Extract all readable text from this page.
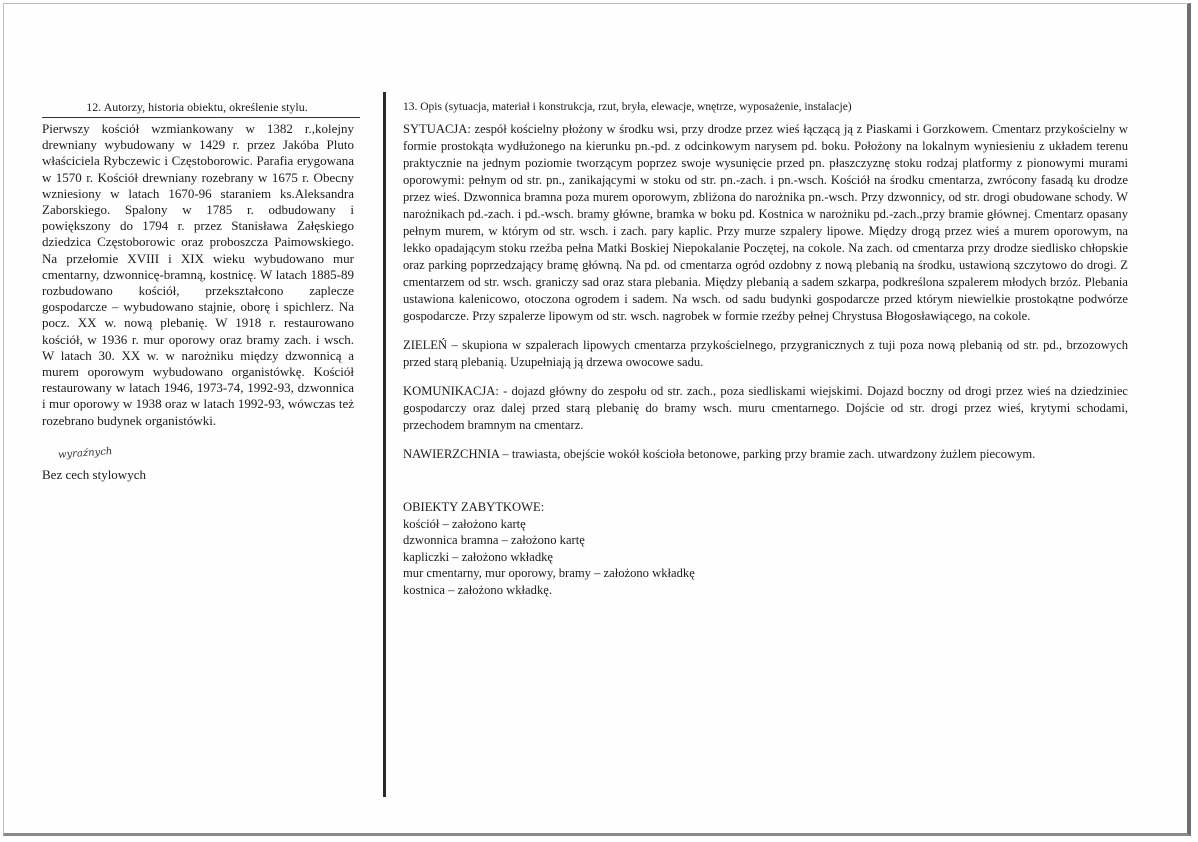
12. Autorzy, historia obiektu, określenie stylu.

Pierwszy kościół wzmiankowany w 1382 r.,kolejny drewniany wybudowany w 1429 r. przez Jakóba Pluto właściciela Rybczewic i Częstoborowic. Parafia erygowana w 1570 r. Kościół drewniany rozebrany w 1675 r. Obecny wzniesiony w latach 1670-96 staraniem ks.Aleksandra Zaborskiego. Spalony w 1785 r. odbudowany i powiększony do 1794 r. przez Stanisława Załęskiego dziedzica Częstoborowic oraz proboszcza Paimowskiego. Na przełomie XVIII i XIX wieku wybudowano mur cmentarny, dzwonnicę-bramną, kostnicę. W latach 1885-89 rozbudowano kościół, przekształcono zaplecze gospodarcze – wybudowano stajnie, oborę i spichlerz. Na pocz. XX w. nową plebanię. W 1918 r. restaurowano kościół, w 1936 r. mur oporowy oraz bramy zach. i wsch. W latach 30. XX w. w narożniku między dzwonnicą a murem oporowym wybudowano organistówkę. Kościół restaurowany w latach 1946, 1973-74, 1992-93, dzwonnica i mur oporowy w 1938 oraz w latach 1992-93, wówczas też rozebrano budynek organistówki.

wyraźnych
Bez cech stylowych
13. Opis (sytuacja, materiał i konstrukcja, rzut, bryła, elewacje, wnętrze, wyposażenie, instalacje)

SYTUACJA: zespół kościelny płożony w środku wsi, przy drodze przez wieś łączącą ją z Piaskami i Gorzkowem. Cmentarz przykościelny w formie prostokąta wydłużonego na kierunku pn.-pd. z odcinkowym narysem pd. boku. Położony na lokalnym wyniesieniu z układem terenu praktycznie na jednym poziomie tworzącym poprzez swoje wysunięcie przed pn. płaszczyznę stoku rodzaj platformy z pionowymi murami oporowymi: pełnym od str. pn., zanikającymi w stoku od str. pn.-zach. i pn.-wsch. Kościół na środku cmentarza, zwrócony fasadą ku drodze przez wieś. Dzwonnica bramna poza murem oporowym, zbliżona do narożnika pn.-wsch. Przy dzwonnicy, od str. drogi obudowane schody. W narożnikach pd.-zach. i pd.-wsch. bramy główne, bramka w boku pd. Kostnica w narożniku pd.-zach.,przy bramie głównej. Cmentarz opasany pełnym murem, w którym od str. wsch. i zach. pary kaplic. Przy murze szpalery lipowe. Między drogą przez wieś a murem oporowym, na lekko opadającym stoku rzeźba pełna Matki Boskiej Niepokalanie Poczętej, na cokole. Na zach. od cmentarza przy drodze siedlisko chłopskie oraz parking poprzedzający bramę główną. Na pd. od cmentarza ogród ozdobny z nową plebanią na środku, ustawioną szczytowo do drogi. Z cmentarzem od str. wsch. graniczy sad oraz stara plebania. Między plebanią a sadem szkarpa, podkreślona szpalerem młodych brzóz. Plebania ustawiona kalenicowo, otoczona ogrodem i sadem. Na wsch. od sadu budynki gospodarcze przed którym niewielkie prostokątne podwórze gospodarcze. Przy szpalerze lipowym od str. wsch. nagrobek w formie rzeźby pełnej Chrystusa Błogosławiącego, na cokole.

ZIELEŃ – skupiona w szpalerach lipowych cmentarza przykościelnego, przygranicznych z tuji poza nową plebanią od str. pd., brzozowych przed starą plebanią. Uzupełniają ją drzewa owocowe sadu.

KOMUNIKACJA: - dojazd główny do zespołu od str. zach., poza siedliskami wiejskimi. Dojazd boczny od drogi przez wieś na dziedziniec gospodarczy oraz dalej przed starą plebanię do bramy wsch. muru cmentarnego. Dojście od str. drogi przez wieś, krytymi schodami, przechodem bramnym na cmentarz.

NAWIERZCHNIA – trawiasta, obejście wokół kościoła betonowe, parking przy bramie zach. utwardzony żużlem piecowym.

OBIEKTY ZABYTKOWE:
kościół – założono kartę
dzwonnica bramna – założono kartę
kapliczki – założono wkładkę
mur cmentarny, mur oporowy, bramy – założono wkładkę
kostnica – założono wkładkę.
